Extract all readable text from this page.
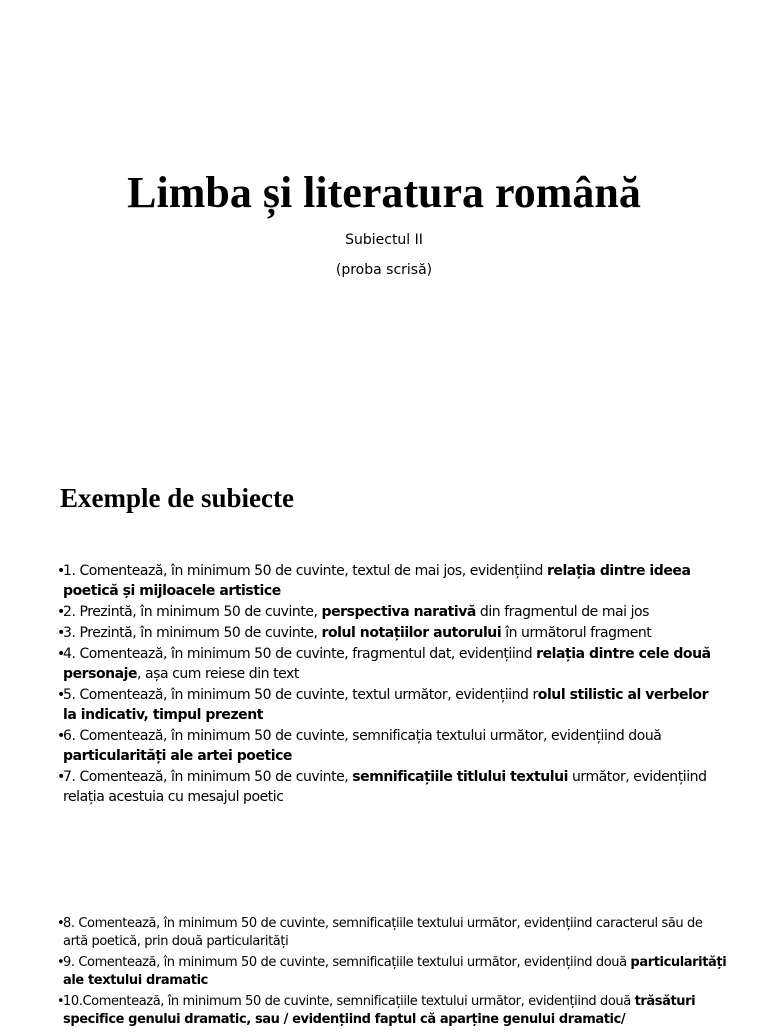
Limba și literatura română

Subiectul II

(proba scrisă)

Exemple de subiecte
•
1. Comentează, în minimum 50 de cuvinte, textul de mai jos, evidențiind relația dintre ideea poetică și mijloacele artistice
•
2. Prezintă, în minimum 50 de cuvinte, perspectiva narativă din fragmentul de mai jos
•
3. Prezintă, în minimum 50 de cuvinte, rolul notațiilor autorului în următorul fragment
•
4. Comentează, în minimum 50 de cuvinte, fragmentul dat, evidențiind relația dintre cele două personaje, așa cum reiese din text
•
5. Comentează, în minimum 50 de cuvinte, textul următor, evidențiind rolul stilistic al verbelor la indicativ, timpul prezent
•
6. Comentează, în minimum 50 de cuvinte, semnificația textului următor, evidențiind două particularități ale artei poetice
•
7. Comentează, în minimum 50 de cuvinte, semnificațiile titlului textului următor, evidențiind relația acestuia cu mesajul poetic
•
8. Comentează, în minimum 50 de cuvinte, semnificațiile textului următor, evidențiind caracterul său de artă poetică, prin două particularități
•
9. Comentează, în minimum 50 de cuvinte, semnificațiile textului următor, evidențiind două particularități ale textului dramatic
•
10.Comentează, în minimum 50 de cuvinte, semnificațiile textului următor, evidențiind două trăsături specifice genului dramatic, sau / evidențiind faptul că aparține genului dramatic/
